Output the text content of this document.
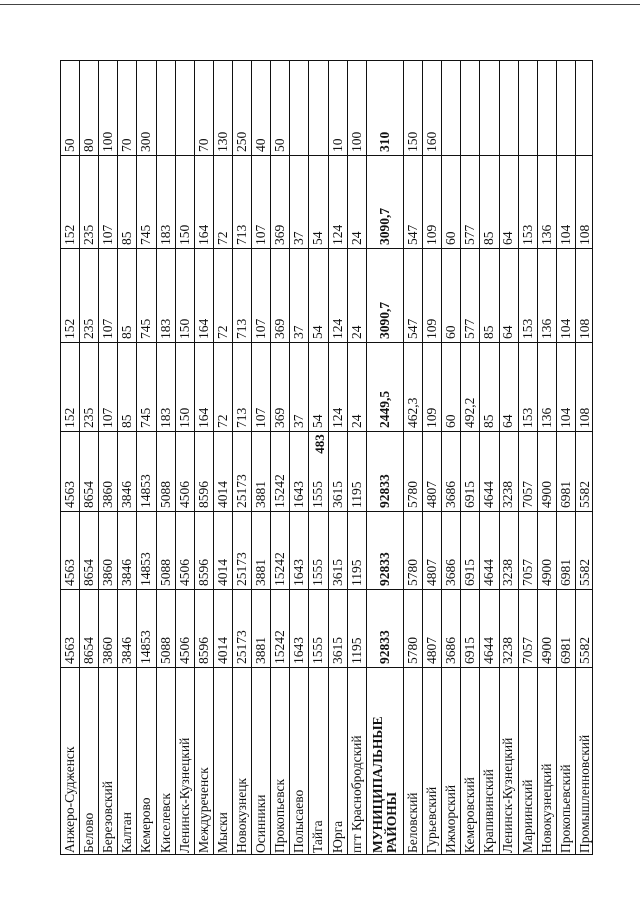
483
Анжеро-Судженск
4563
4563
4563
152
152
152
50
Белово
8654
8654
8654
235
235
235
80
Березовский
3860
3860
3860
107
107
107
100
Калтан
3846
3846
3846
85
85
85
70
Кемерово
14853
14853
14853
745
745
745
300
Киселевск
5088
5088
5088
183
183
183
Ленинск-Кузнецкий
4506
4506
4506
150
150
150
Междуреченск
8596
8596
8596
164
164
164
70
Мыски
4014
4014
4014
72
72
72
130
Новокузнецк
25173
25173
25173
713
713
713
250
Осинники
3881
3881
3881
107
107
107
40
Прокопьевск
15242
15242
15242
369
369
369
50
Полысаево
1643
1643
1643
37
37
37
Тайга
1555
1555
1555
54
54
54
Юрга
3615
3615
3615
124
124
124
10
пгт Краснобродский
1195
1195
1195
24
24
24
100
МУНИЦИПАЛЬНЫЕ РАЙОНЫ
92833
92833
92833
2449,5
3090,7
3090,7
310
Беловский
5780
5780
5780
462,3
547
547
150
Гурьевский
4807
4807
4807
109
109
109
160
Ижморский
3686
3686
3686
60
60
60
Кемеровский
6915
6915
6915
492,2
577
577
Крапивинский
4644
4644
4644
85
85
85
Ленинск-Кузнецкий
3238
3238
3238
64
64
64
Мариинский
7057
7057
7057
153
153
153
Новокузнецкий
4900
4900
4900
136
136
136
Прокопьевский
6981
6981
6981
104
104
104
Промышленновский
5582
5582
5582
108
108
108
